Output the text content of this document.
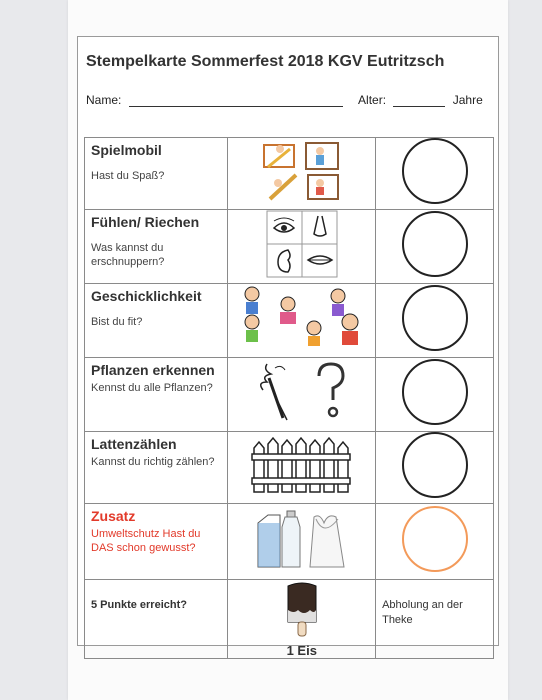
Stempelkarte Sommerfest 2018 KGV Eutritzsch
Name:	Alter:	Jahre
Spielmobil
Hast du Spaß?

Fühlen/ Riechen
Was kannst du erschnuppern?

Geschicklichkeit
Bist du fit?

Pflanzen erkennen
Kennst du alle Pflanzen?

Lattenzählen
Kannst du richtig zählen?

Zusatz
Umweltschutz Hast du DAS schon gewusst?

5 Punkte erreicht?	1 Eis	Abholung an der Theke
